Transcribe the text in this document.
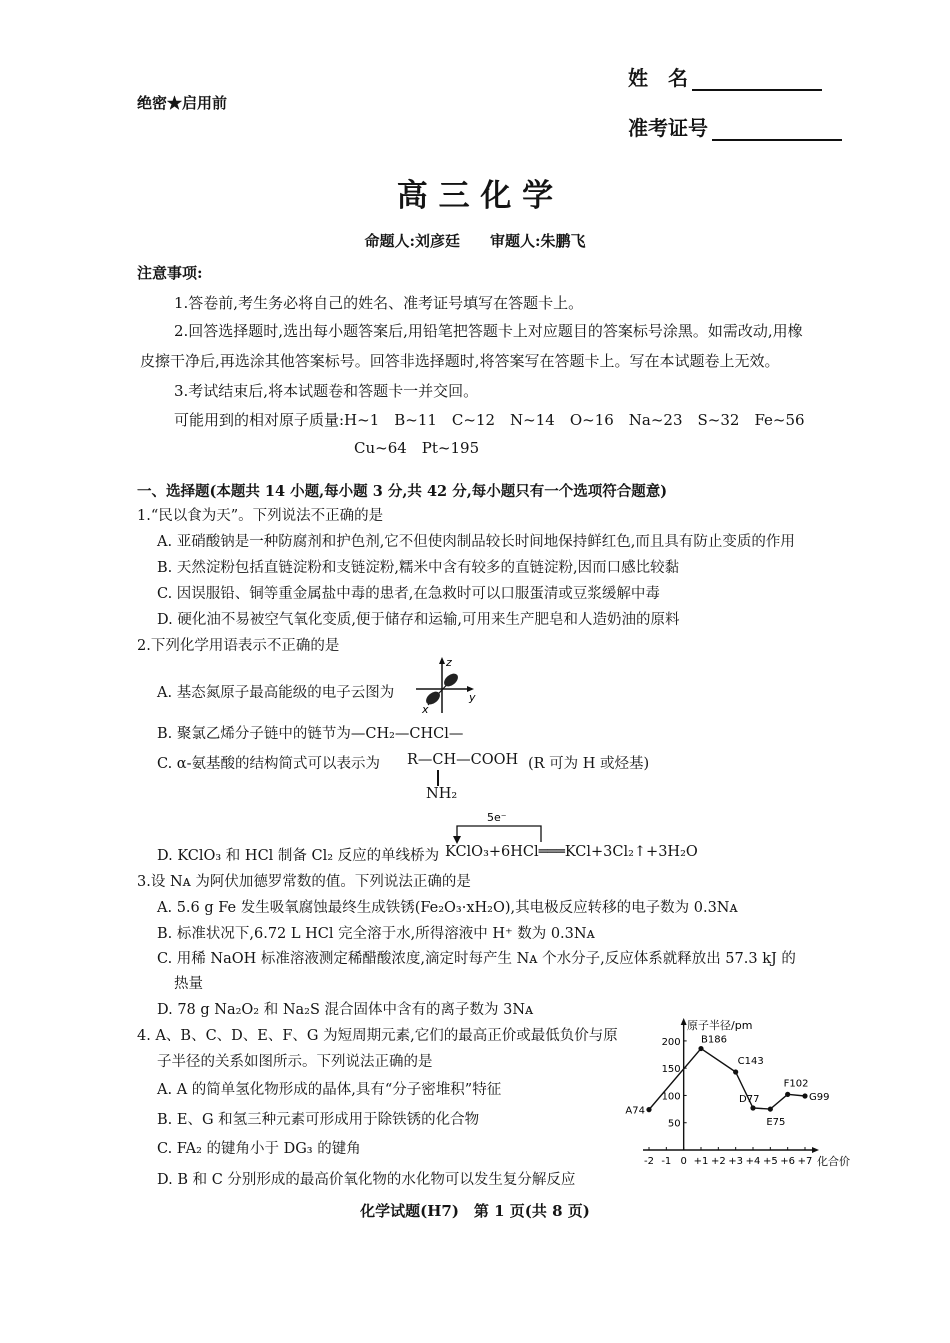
绝密★启用前
姓　名
准考证号
高 三 化 学
命题人:刘彦廷　　审题人:朱鹏飞
注意事项:
1.答卷前,考生务必将自己的姓名、准考证号填写在答题卡上。
2.回答选择题时,选出每小题答案后,用铅笔把答题卡上对应题目的答案标号涂黑。如需改动,用橡
皮擦干净后,再选涂其他答案标号。回答非选择题时,将答案写在答题卡上。写在本试题卷上无效。
3.考试结束后,将本试题卷和答题卡一并交回。
可能用到的相对原子质量:H~1　B~11　C~12　N~14　O~16　Na~23　S~32　Fe~56
Cu~64　Pt~195
一、选择题(本题共 14 小题,每小题 3 分,共 42 分,每小题只有一个选项符合题意)
1.“民以食为天”。下列说法不正确的是
A. 亚硝酸钠是一种防腐剂和护色剂,它不但使肉制品较长时间地保持鲜红色,而且具有防止变质的作用
B. 天然淀粉包括直链淀粉和支链淀粉,糯米中含有较多的直链淀粉,因而口感比较黏
C. 因误服铅、铜等重金属盐中毒的患者,在急救时可以口服蛋清或豆浆缓解中毒
D. 硬化油不易被空气氧化变质,便于储存和运输,可用来生产肥皂和人造奶油的原料
2.下列化学用语表示不正确的是
A. 基态氮原子最高能级的电子云图为
z
y
x
B. 聚氯乙烯分子链中的链节为—CH₂—CHCl—
C. α-氨基酸的结构简式可以表示为 R—CH—COOH (R 可为 H 或烃基)
NH₂
5e⁻
D. KClO₃ 和 HCl 制备 Cl₂ 反应的单线桥为 KClO₃+6HCl═══KCl+3Cl₂↑+3H₂O
3.设 Nᴀ 为阿伏加德罗常数的值。下列说法正确的是
A. 5.6 g Fe 发生吸氧腐蚀最终生成铁锈(Fe₂O₃·xH₂O),其电极反应转移的电子数为 0.3Nᴀ
B. 标准状况下,6.72 L HCl 完全溶于水,所得溶液中 H⁺ 数为 0.3Nᴀ
C. 用稀 NaOH 标准溶液测定稀醋酸浓度,滴定时每产生 Nᴀ 个水分子,反应体系就释放出 57.3 kJ 的
热量
D. 78 g Na₂O₂ 和 Na₂S 混合固体中含有的离子数为 3Nᴀ
4. A、B、C、D、E、F、G 为短周期元素,它们的最高正价或最低负价与原
子半径的关系如图所示。下列说法正确的是
A. A 的简单氢化物形成的晶体,具有“分子密堆积”特征
B. E、G 和氢三种元素可形成用于除铁锈的化合物
C. FA₂ 的键角小于 DG₃ 的键角
D. B 和 C 分别形成的最高价氧化物的水化物可以发生复分解反应
-2 -1 0 +1 +2 +3 +4 +5 +6 +7
50
100
150
200
A74
B186
C143
D77
E75
F102
G99
原子半径/pm
化合价
化学试题(H7)　第 1 页(共 8 页)
